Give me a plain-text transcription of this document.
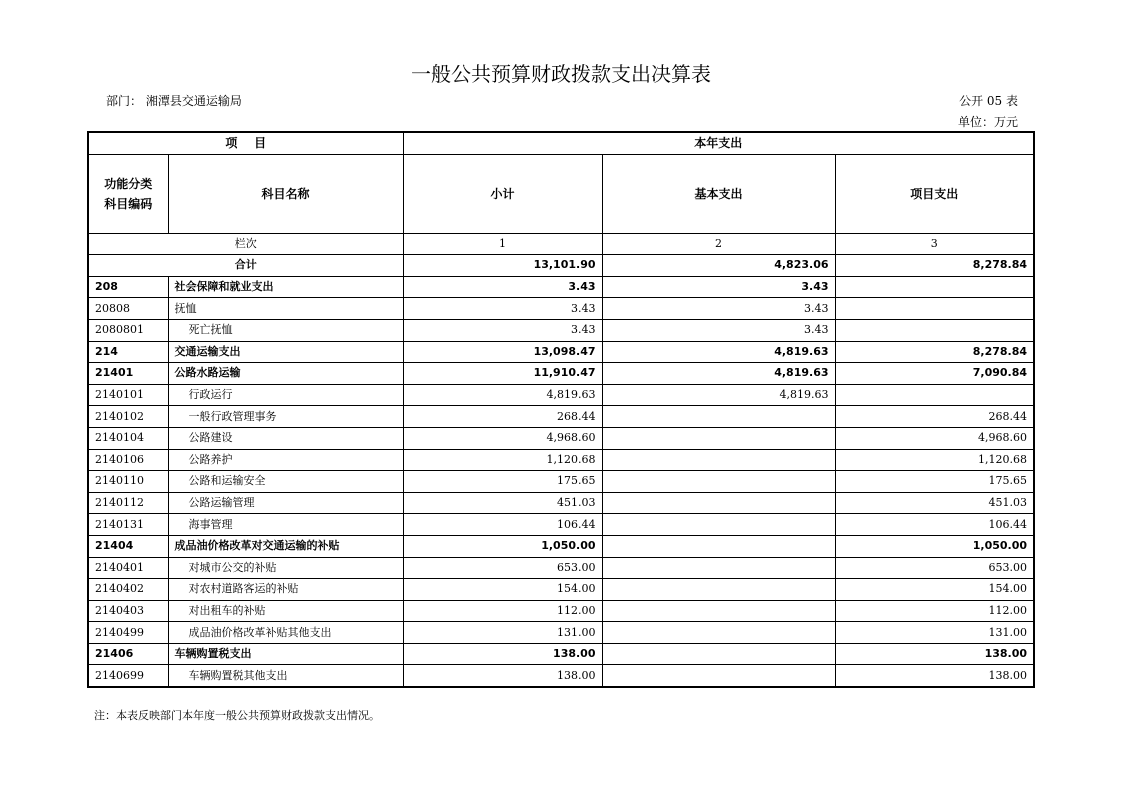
一般公共预算财政拨款支出决算表
部门： 湘潭县交通运输局	公开 05 表
单位：万元
项    目		本年支出		

功能分类
科目编码	科目名称	小计	基本支出	项目支出
栏次		1	2	3
合计		13,101.90	4,823.06	8,278.84
208	社会保障和就业支出	3.43	3.43	
20808	抚恤	3.43	3.43	
2080801	死亡抚恤	3.43	3.43	
214	交通运输支出	13,098.47	4,819.63	8,278.84
21401	公路水路运输	11,910.47	4,819.63	7,090.84
2140101	行政运行	4,819.63	4,819.63	
2140102	一般行政管理事务	268.44		268.44
2140104	公路建设	4,968.60		4,968.60
2140106	公路养护	1,120.68		1,120.68
2140110	公路和运输安全	175.65		175.65
2140112	公路运输管理	451.03		451.03
2140131	海事管理	106.44		106.44
21404	成品油价格改革对交通运输的补贴	1,050.00		1,050.00
2140401	对城市公交的补贴	653.00		653.00
2140402	对农村道路客运的补贴	154.00		154.00
2140403	对出租车的补贴	112.00		112.00
2140499	成品油价格改革补贴其他支出	131.00		131.00
21406	车辆购置税支出	138.00		138.00
2140699	车辆购置税其他支出	138.00		138.00
注：本表反映部门本年度一般公共预算财政拨款支出情况。
